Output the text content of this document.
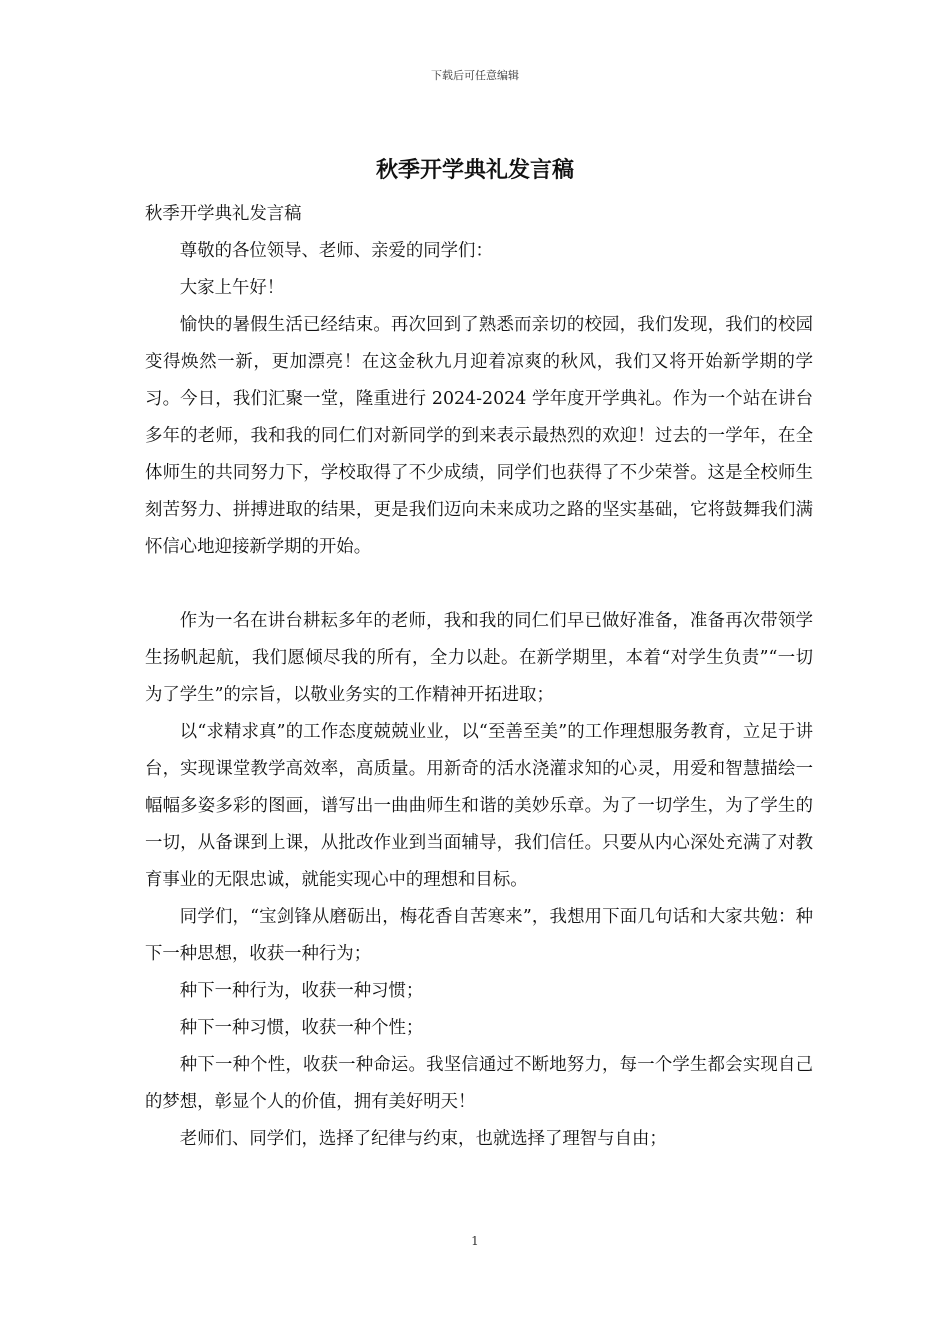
下载后可任意编辑
秋季开学典礼发言稿

秋季开学典礼发言稿

尊敬的各位领导、老师、亲爱的同学们：

大家上午好！

愉快的暑假生活已经结束。再次回到了熟悉而亲切的校园，我们发现，我们的校园变得焕然一新，更加漂亮！在这金秋九月迎着凉爽的秋风，我们又将开始新学期的学习。今日，我们汇聚一堂，隆重进行 2024-2024 学年度开学典礼。作为一个站在讲台多年的老师，我和我的同仁们对新同学的到来表示最热烈的欢迎！过去的一学年，在全体师生的共同努力下，学校取得了不少成绩，同学们也获得了不少荣誉。这是全校师生刻苦努力、拼搏进取的结果，更是我们迈向未来成功之路的坚实基础，它将鼓舞我们满怀信心地迎接新学期的开始。

作为一名在讲台耕耘多年的老师，我和我的同仁们早已做好准备，准备再次带领学生扬帆起航，我们愿倾尽我的所有，全力以赴。在新学期里，本着“对学生负责”“一切为了学生”的宗旨，以敬业务实的工作精神开拓进取；

以“求精求真”的工作态度兢兢业业，以“至善至美”的工作理想服务教育，立足于讲台，实现课堂教学高效率，高质量。用新奇的活水浇灌求知的心灵，用爱和智慧描绘一幅幅多姿多彩的图画，谱写出一曲曲师生和谐的美妙乐章。为了一切学生，为了学生的一切，从备课到上课，从批改作业到当面辅导，我们信任。只要从内心深处充满了对教育事业的无限忠诚，就能实现心中的理想和目标。

同学们，“宝剑锋从磨砺出，梅花香自苦寒来”，我想用下面几句话和大家共勉：种下一种思想，收获一种行为；

种下一种行为，收获一种习惯；

种下一种习惯，收获一种个性；

种下一种个性，收获一种命运。我坚信通过不断地努力，每一个学生都会实现自己的梦想，彰显个人的价值，拥有美好明天！

老师们、同学们，选择了纪律与约束，也就选择了理智与自由；

1
